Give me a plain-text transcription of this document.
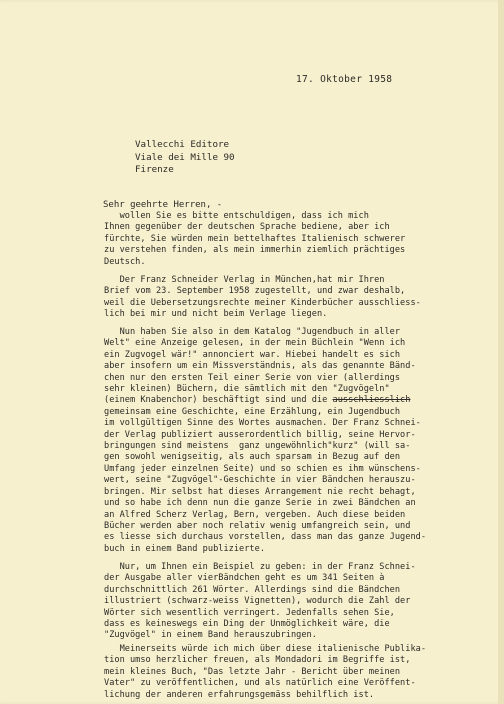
17. Oktober 1958
Vallecchi Editore
Viale dei Mille 90
Firenze
Sehr geehrte Herren, -
wollen Sie es bitte entschuldigen, dass ich mich
Ihnen gegenüber der deutschen Sprache bediene, aber ich
fürchte, Sie würden mein bettelhaftes Italienisch schwerer
zu verstehen finden, als mein immerhin ziemlich prächtiges
Deutsch.
Der Franz Schneider Verlag in München,hat mir Ihren
Brief vom 23. September 1958 zugestellt, und zwar deshalb,
weil die Uebersetzungsrechte meiner Kinderbücher ausschliess-
lich bei mir und nicht beim Verlage liegen.
Nun haben Sie also in dem Katalog "Jugendbuch in aller
Welt" eine Anzeige gelesen, in der mein Büchlein "Wenn ich
ein Zugvogel wär!" annonciert war. Hiebei handelt es sich
aber insofern um ein Missverständnis, als das genannte Bänd-
chen nur den ersten Teil einer Serie von vier (allerdings
sehr kleinen) Büchern, die sämtlich mit den "Zugvögeln"
(einem Knabenchor) beschäftigt sind und die ausschliesslich
gemeinsam eine Geschichte, eine Erzählung, ein Jugendbuch
im vollgültigen Sinne des Wortes ausmachen. Der Franz Schnei-
der Verlag publiziert ausserordentlich billig, seine Hervor-
bringungen sind meistens  ganz ungewöhnlich"kurz" (will sa-
gen sowohl wenigseitig, als auch sparsam in Bezug auf den
Umfang jeder einzelnen Seite) und so schien es ihm wünschens-
wert, seine "Zugvögel"-Geschichte in vier Bändchen herauszu-
bringen. Mir selbst hat dieses Arrangement nie recht behagt,
und so habe ich denn nun die ganze Serie in zwei Bändchen an
an Alfred Scherz Verlag, Bern, vergeben. Auch diese beiden
Bücher werden aber noch relativ wenig umfangreich sein, und
es liesse sich durchaus vorstellen, dass man das ganze Jugend-
buch in einem Band publizierte.
Nur, um Ihnen ein Beispiel zu geben: in der Franz Schnei-
der Ausgabe aller vierBändchen geht es um 341 Seiten à
durchschnittlich 261 Wörter. Allerdings sind die Bändchen
illustriert (schwarz-weiss Vignetten), wodurch die Zahl der
Wörter sich wesentlich verringert. Jedenfalls sehen Sie,
dass es keineswegs ein Ding der Unmöglichkeit wäre, die
"Zugvögel" in einem Band herauszubringen.
Meinerseits würde ich mich über diese italienische Publika-
tion umso herzlicher freuen, als Mondadori im Begriffe ist,
mein kleines Buch, "Das letzte Jahr - Bericht über meinen
Vater" zu veröffentlichen, und als natürlich eine Veröffent-
lichung der anderen erfahrungsgemäss behilflich ist.
